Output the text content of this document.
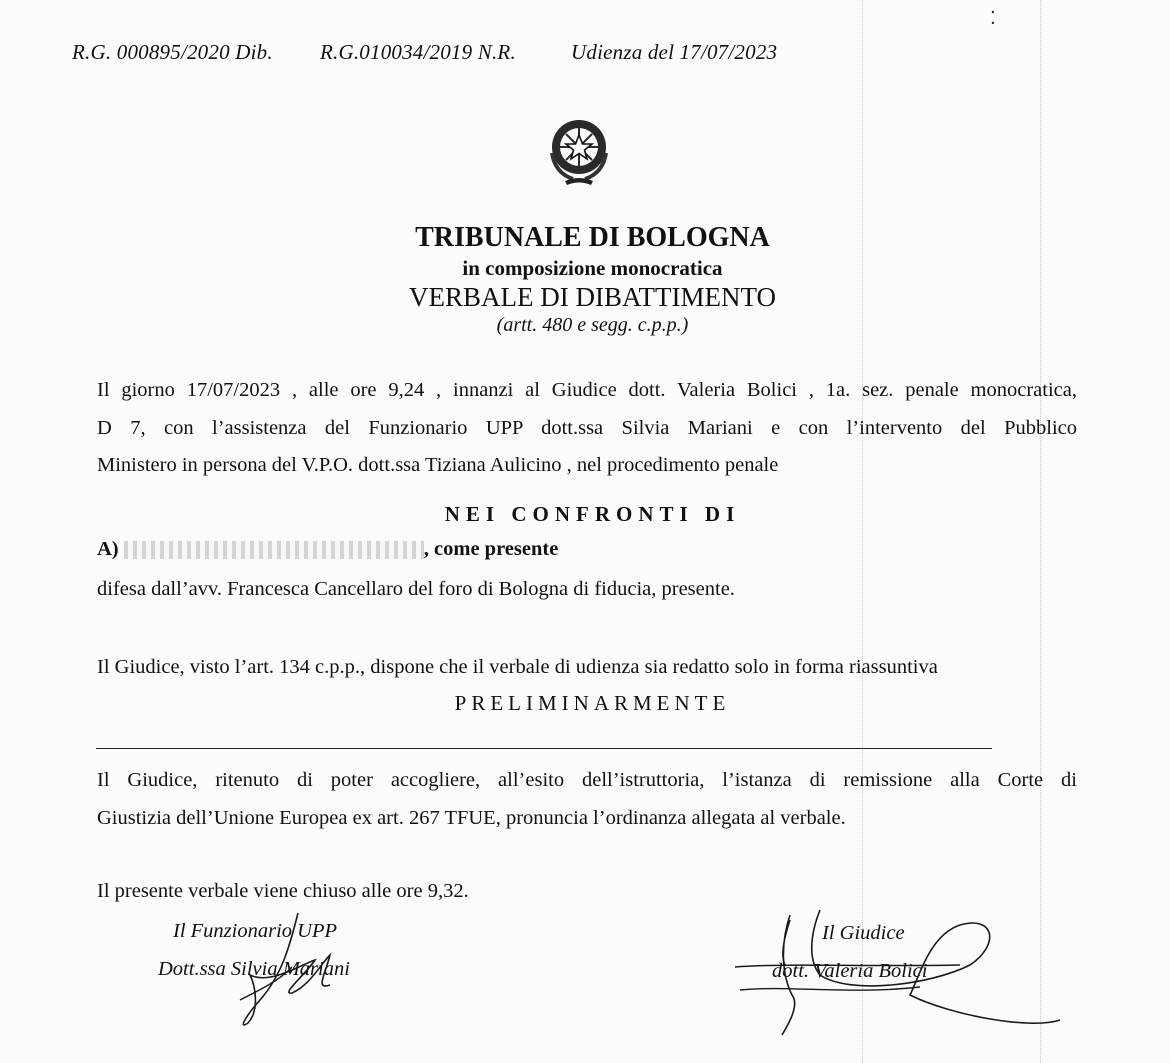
R.G. 000895/2020 Dib. R.G.010034/2019 N.R.	Udienza del 17/07/2023
TRIBUNALE DI BOLOGNA
in composizione monocratica
VERBALE DI DIBATTIMENTO
(artt. 480 e segg. c.p.p.)
Il giorno 17/07/2023 , alle ore 9,24 , innanzi al Giudice dott. Valeria Bolici , 1a. sez. penale monocratica,
D 7, con l’assistenza del Funzionario UPP dott.ssa Silvia Mariani e con l’intervento del Pubblico
Ministero in persona del V.P.O. dott.ssa Tiziana Aulicino , nel procedimento penale
NEI CONFRONTI DI
A)	, come presente
difesa dall’avv. Francesca Cancellaro del foro di Bologna di fiducia, presente.
Il Giudice, visto l’art. 134 c.p.p., dispone che il verbale di udienza sia redatto solo in forma riassuntiva
PRELIMINARMENTE
Il Giudice, ritenuto di poter accogliere, all’esito dell’istruttoria, l’istanza di remissione alla Corte di
Giustizia dell’Unione Europea ex art. 267 TFUE, pronuncia l’ordinanza allegata al verbale.
Il presente verbale viene chiuso alle ore 9,32.
Il Funzionario UPP
Dott.ssa Silvia Mariani
Il Giudice
dott. Valeria Bolici
⁚
